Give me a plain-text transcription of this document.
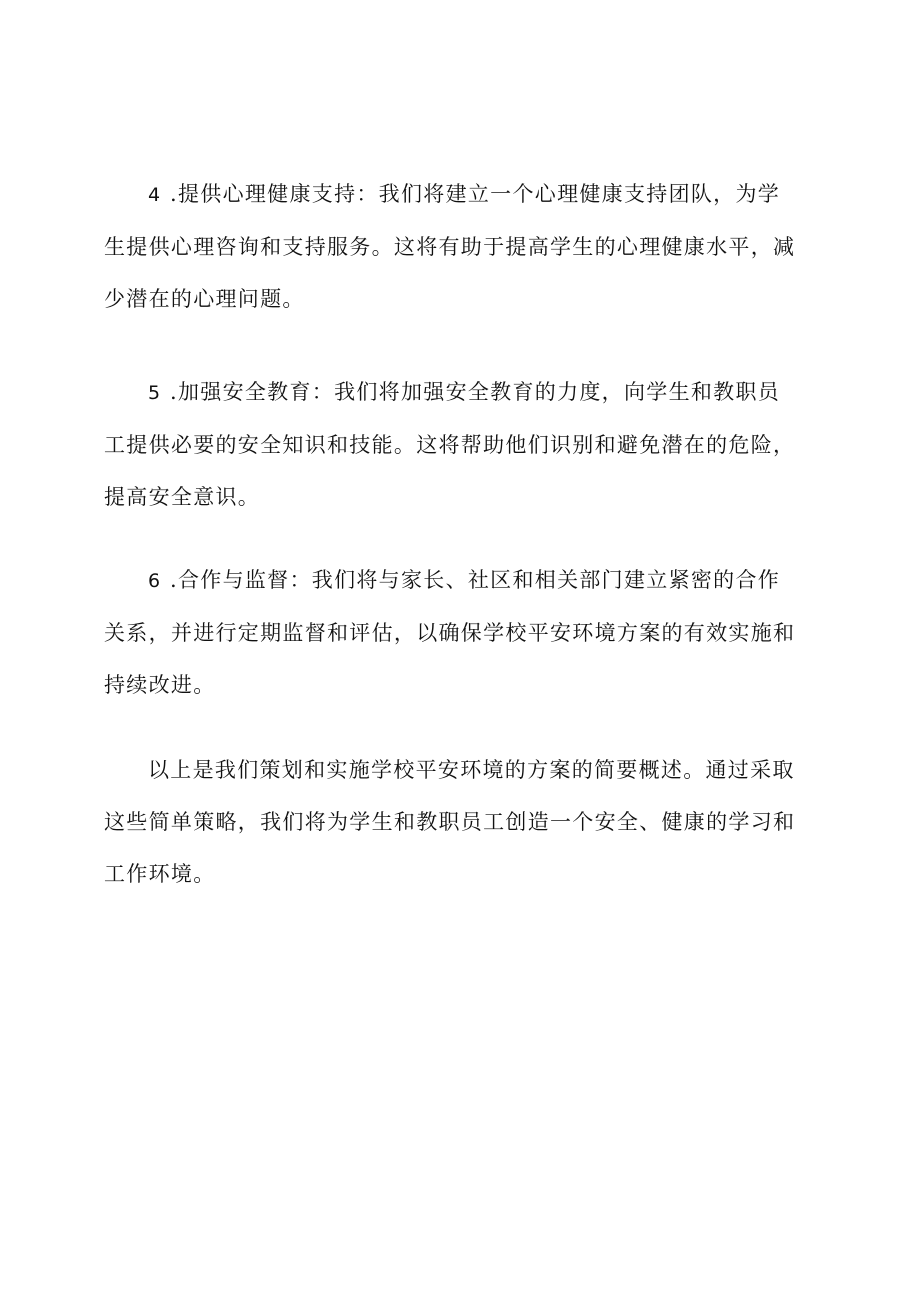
4 .提供心理健康支持：我们将建立一个心理健康支持团队，为学
生提供心理咨询和支持服务。这将有助于提高学生的心理健康水平，减
少潜在的心理问题。

5 .加强安全教育：我们将加强安全教育的力度，向学生和教职员
工提供必要的安全知识和技能。这将帮助他们识别和避免潜在的危险，
提高安全意识。

6 .合作与监督：我们将与家长、社区和相关部门建立紧密的合作
关系，并进行定期监督和评估，以确保学校平安环境方案的有效实施和
持续改进。

以上是我们策划和实施学校平安环境的方案的简要概述。通过采取
这些简单策略，我们将为学生和教职员工创造一个安全、健康的学习和
工作环境。
